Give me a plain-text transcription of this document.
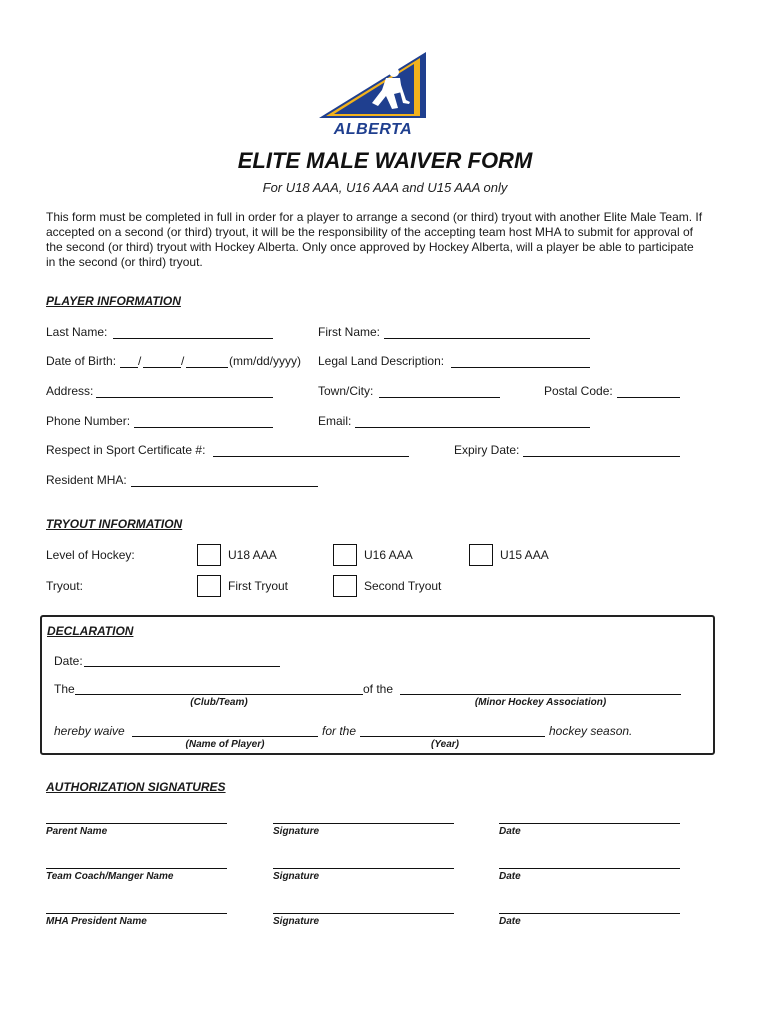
ALBERTA
ELITE MALE WAIVER FORM
For U18 AAA, U16 AAA and U15 AAA only
This form must be completed in full in order for a player to arrange a second (or third) tryout with another Elite Male Team. If accepted on a second (or third) tryout, it will be the responsibility of the accepting team host MHA to submit for approval of the second (or third) tryout with Hockey Alberta. Only once approved by Hockey Alberta, will a player be able to participate in the second (or third) tryout.
PLAYER INFORMATION
Last Name:	First Name:
Date of Birth: /	/	(mm/dd/yyyy) Legal Land Description:
Address:	Town/City:	Postal Code:
Phone Number:	Email:
Respect in Sport Certificate #:	Expiry Date:
Resident MHA:
TRYOUT INFORMATION
Level of Hockey:	U18 AAA	U16 AAA	U15 AAA
Tryout:	First Tryout	Second Tryout
DECLARATION
Date:
The	of the
(Club/Team)	(Minor Hockey Association)
hereby waive	for the	hockey season.
(Name of Player)	(Year)
AUTHORIZATION SIGNATURES
Parent Name	Signature	Date
Team Coach/Manger Name	Signature	Date
MHA President Name	Signature	Date
